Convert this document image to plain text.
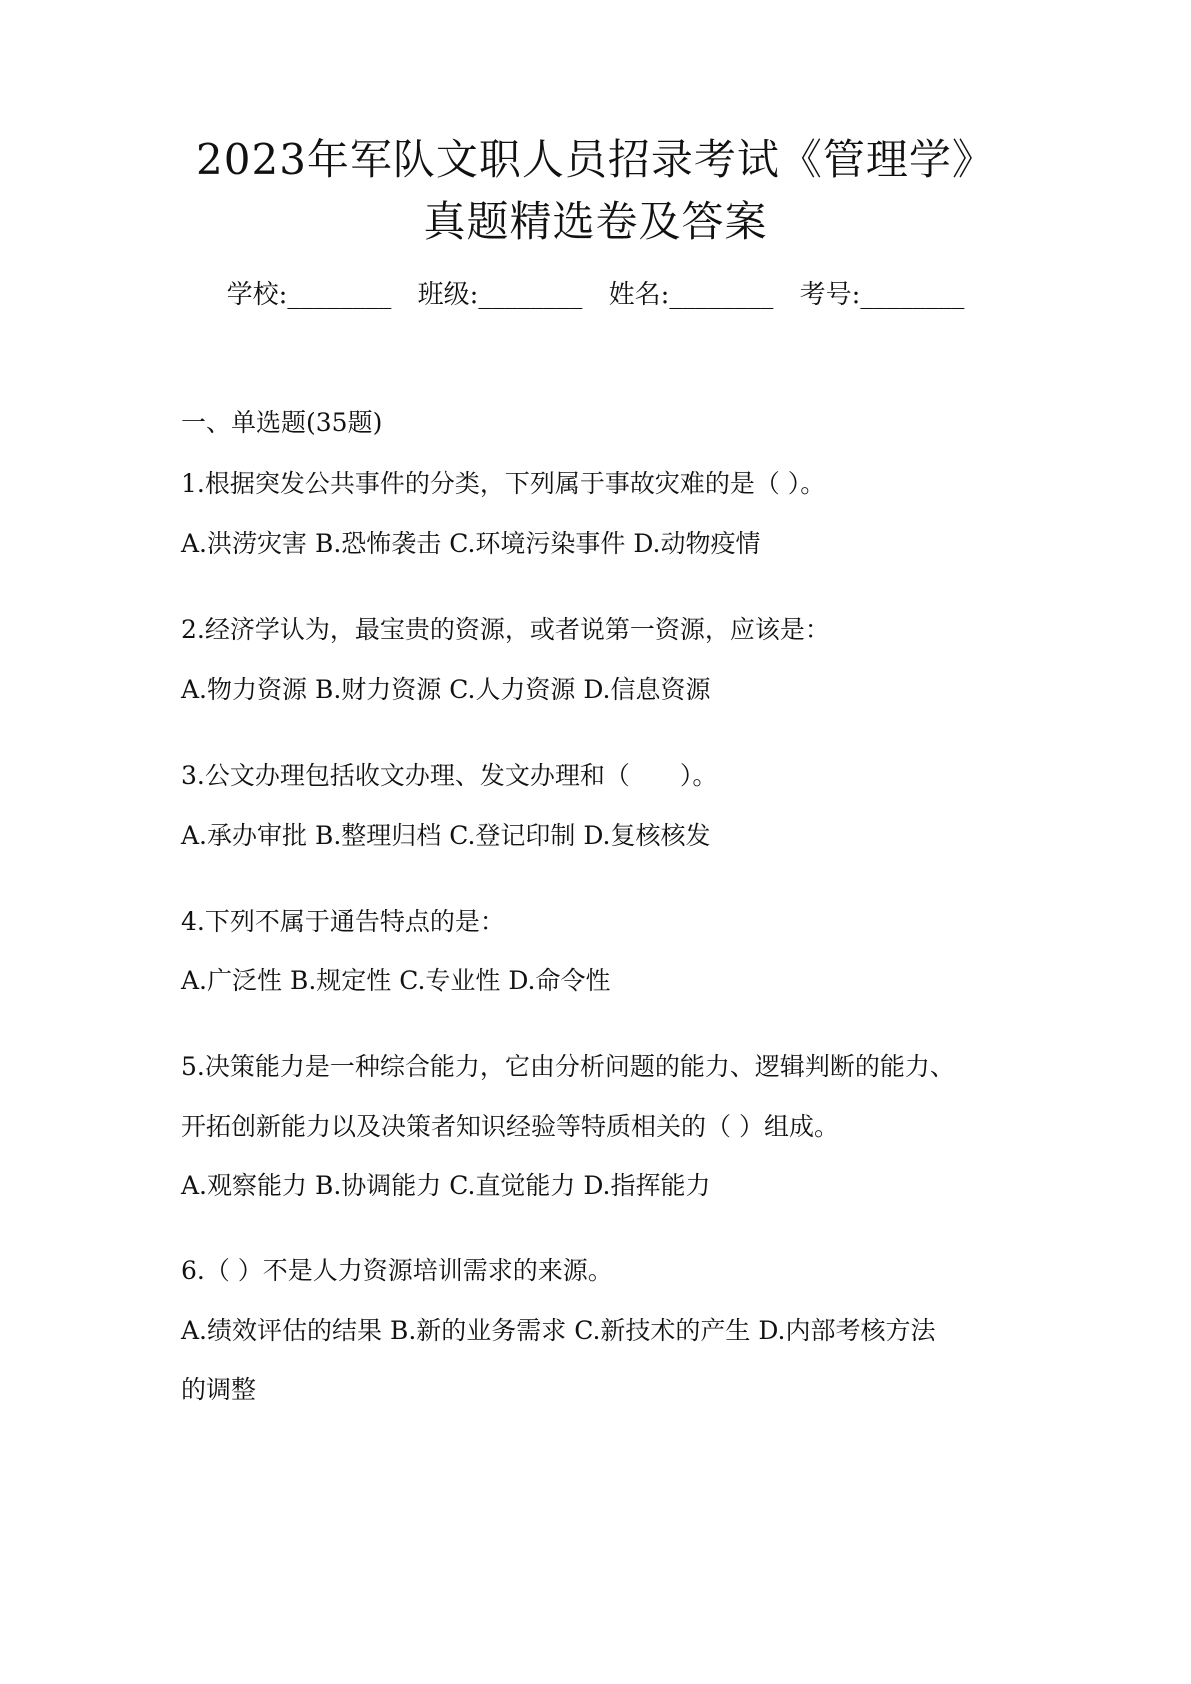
2023年军队文职人员招录考试《管理学》
真题精选卷及答案
学校:________ 班级:________ 姓名:________ 考号:________
一、单选题(35题)
1.根据突发公共事件的分类，下列属于事故灾难的是（ ）。
A.洪涝灾害 B.恐怖袭击 C.环境污染事件 D.动物疫情
2.经济学认为，最宝贵的资源，或者说第一资源，应该是：
A.物力资源 B.财力资源 C.人力资源 D.信息资源
3.公文办理包括收文办理、发文办理和（　　）。
A.承办审批 B.整理归档 C.登记印制 D.复核核发
4.下列不属于通告特点的是：
A.广泛性 B.规定性 C.专业性 D.命令性
5.决策能力是一种综合能力，它由分析问题的能力、逻辑判断的能力、
开拓创新能力以及决策者知识经验等特质相关的（ ）组成。
A.观察能力 B.协调能力 C.直觉能力 D.指挥能力
6.（ ）不是人力资源培训需求的来源。
A.绩效评估的结果 B.新的业务需求 C.新技术的产生 D.内部考核方法
的调整
